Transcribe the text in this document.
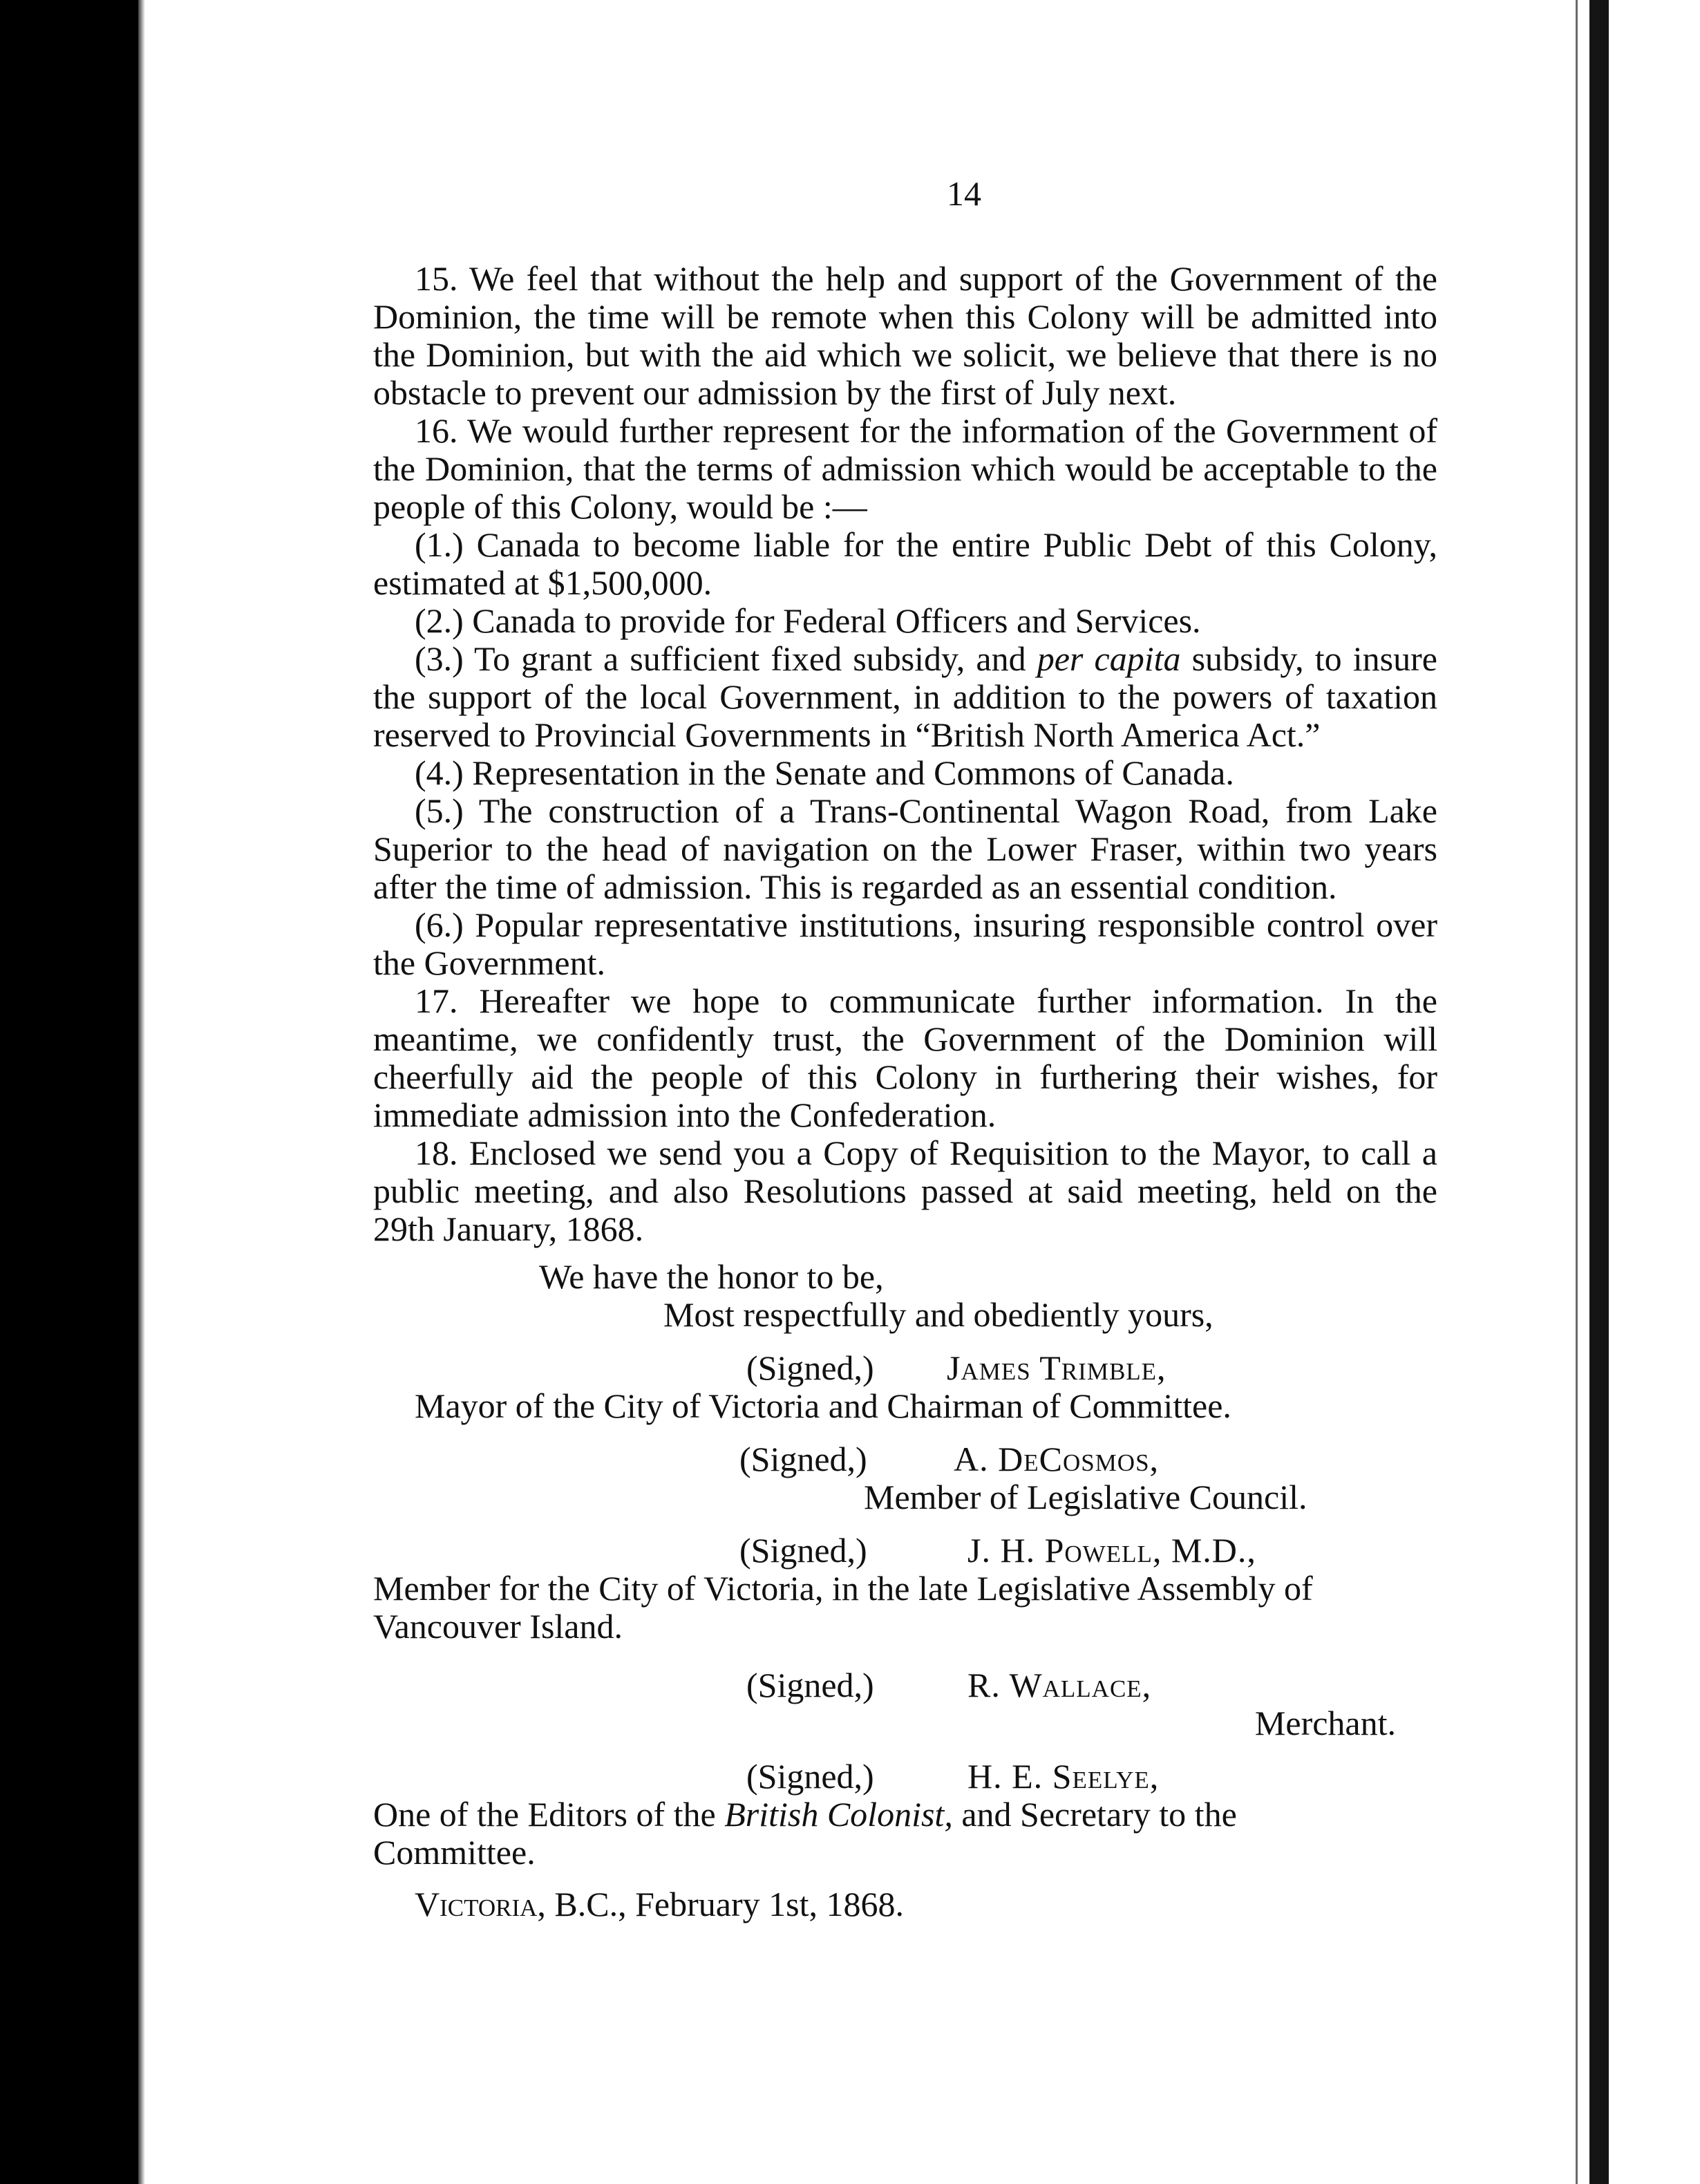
14

15. We feel that without the help and support of the Government of the Dominion, the time will be remote when this Colony will be admitted into the Dominion, but with the aid which we solicit, we believe that there is no obstacle to prevent our admission by the first of July next.

16. We would further represent for the information of the Government of the Dominion, that the terms of admission which would be acceptable to the people of this Colony, would be :—

(1.) Canada to become liable for the entire Public Debt of this Colony, estimated at $1,500,000.

(2.) Canada to provide for Federal Officers and Services.

(3.) To grant a sufficient fixed subsidy, and per capita subsidy, to insure the support of the local Government, in addition to the powers of taxation reserved to Provincial Governments in “British North America Act.”

(4.) Representation in the Senate and Commons of Canada.

(5.) The construction of a Trans-Continental Wagon Road, from Lake Superior to the head of navigation on the Lower Fraser, within two years after the time of admission. This is regarded as an essential condition.

(6.) Popular representative institutions, insuring responsible control over the Government.

17. Hereafter we hope to communicate further information. In the meantime, we confidently trust, the Government of the Dominion will cheerfully aid the people of this Colony in furthering their wishes, for immediate admission into the Confederation.

18. Enclosed we send you a Copy of Requisition to the Mayor, to call a public meeting, and also Resolutions passed at said meeting, held on the 29th January, 1868.

We have the honor to be,

Most respectfully and obediently yours,

(Signed,) James Trimble,

Mayor of the City of Victoria and Chairman of Committee.

(Signed,)	A. DeCosmos,

Member of Legislative Council.

(Signed,)	J. H. Powell, M.D.,

Member for the City of Victoria, in the late Legislative Assembly of Vancouver Island.

(Signed,)	R. Wallace,

Merchant.

(Signed,)	H. E. Seelye,

One of the Editors of the British Colonist, and Secretary to the Committee.

Victoria, B.C., February 1st, 1868.
